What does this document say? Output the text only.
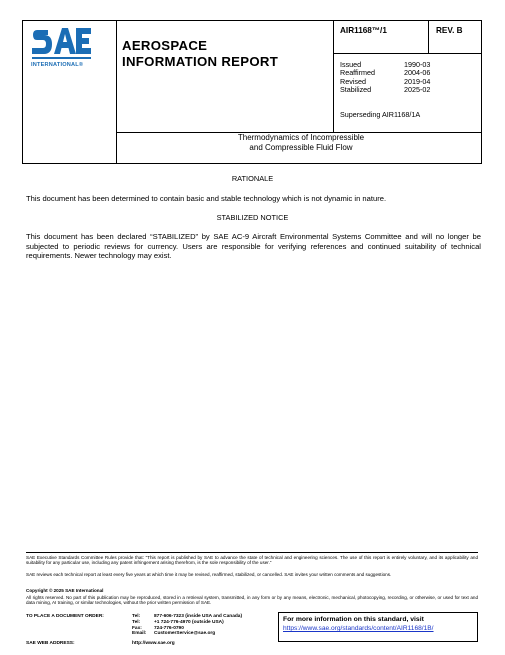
INTERNATIONAL®
AEROSPACE
INFORMATION REPORT
AIR1168™/1	REV. B
Issued	1990-03
Reaffirmed	2004-06
Revised	2019-04
Stabilized	2025-02
Superseding AIR1168/1A
Thermodynamics of Incompressible
and Compressible Fluid Flow
RATIONALE
This document has been determined to contain basic and stable technology which is not dynamic in nature.
STABILIZED NOTICE
This document has been declared “STABILIZED” by SAE AC-9 Aircraft Environmental Systems Committee and will no longer be subjected to periodic reviews for currency. Users are responsible for verifying references and continued suitability of technical requirements. Newer technology may exist.
SAE Executive Standards Committee Rules provide that: “This report is published by SAE to advance the state of technical and engineering sciences. The use of this report is entirely voluntary, and its applicability and suitability for any particular use, including any patent infringement arising therefrom, is the sole responsibility of the user.”
SAE reviews each technical report at least every five years at which time it may be revised, reaffirmed, stabilized, or cancelled. SAE invites your written comments and suggestions.
Copyright © 2025 SAE International
All rights reserved. No part of this publication may be reproduced, stored in a retrieval system, transmitted, in any form or by any means, electronic, mechanical, photocopying, recording, or otherwise, or used for text and data mining, AI training, or similar technologies, without the prior written permission of SAE.
TO PLACE A DOCUMENT ORDER:	Tel:	877-606-7323 (inside USA and Canada)
Tel:	+1 724-776-4970 (outside USA)
Fax:	724-776-0790
Email:	CustomerService@sae.org
SAE WEB ADDRESS:	http://www.sae.org
For more information on this standard, visit
https://www.sae.org/standards/content/AIR1168/1B/
